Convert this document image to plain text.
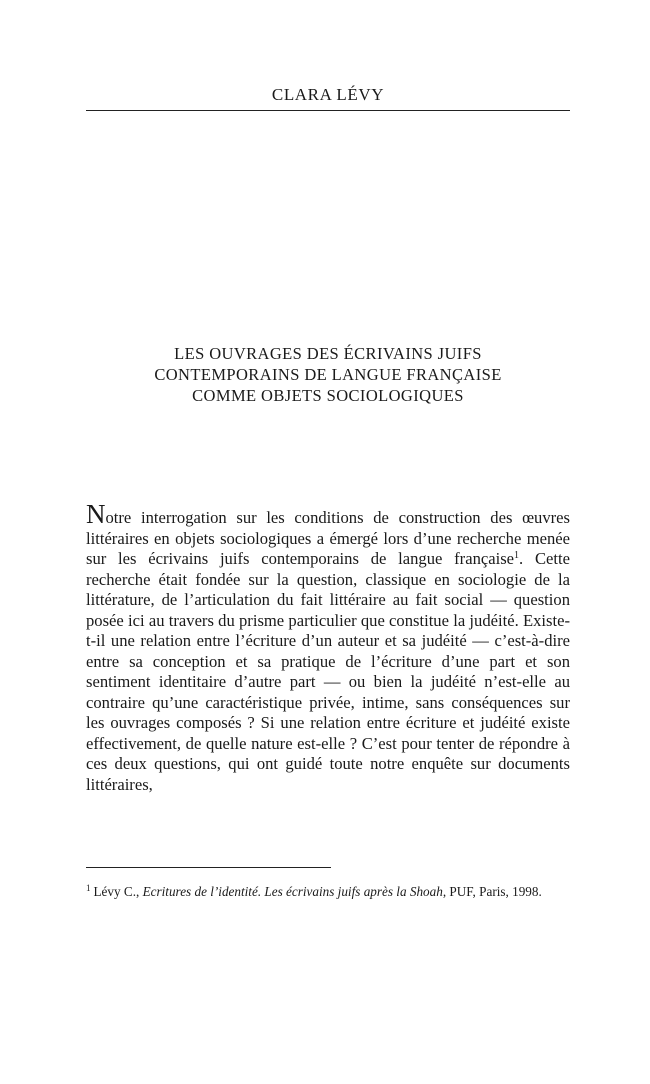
CLARA LÉVY
LES OUVRAGES DES ÉCRIVAINS JUIFS
CONTEMPORAINS DE LANGUE FRANÇAISE
COMME OBJETS SOCIOLOGIQUES

Notre interrogation sur les conditions de construction des œuvres littéraires en objets sociologiques a émergé lors d’une recherche menée sur les écrivains juifs contemporains de langue française$^1$. Cette recherche était fondée sur la question, classique en sociologie de la littérature, de l’articulation du fait littéraire au fait social — question posée ici au travers du prisme particulier que constitue la judéité. Existe-t-il une relation entre l’écriture d’un auteur et sa judéité — c’est-à-dire entre sa conception et sa pratique de l’écriture d’une part et son sentiment identitaire d’autre part — ou bien la judéité n’est-elle au contraire qu’une caractéristique privée, intime, sans conséquences sur les ouvrages composés ? Si une relation entre écriture et judéité existe effectivement, de quelle nature est-elle ? C’est pour tenter de répondre à ces deux questions, qui ont guidé toute notre enquête sur documents littéraires,

$^1$ Lévy C., Ecritures de l’identité. Les écrivains juifs après la Shoah, PUF, Paris, 1998.
